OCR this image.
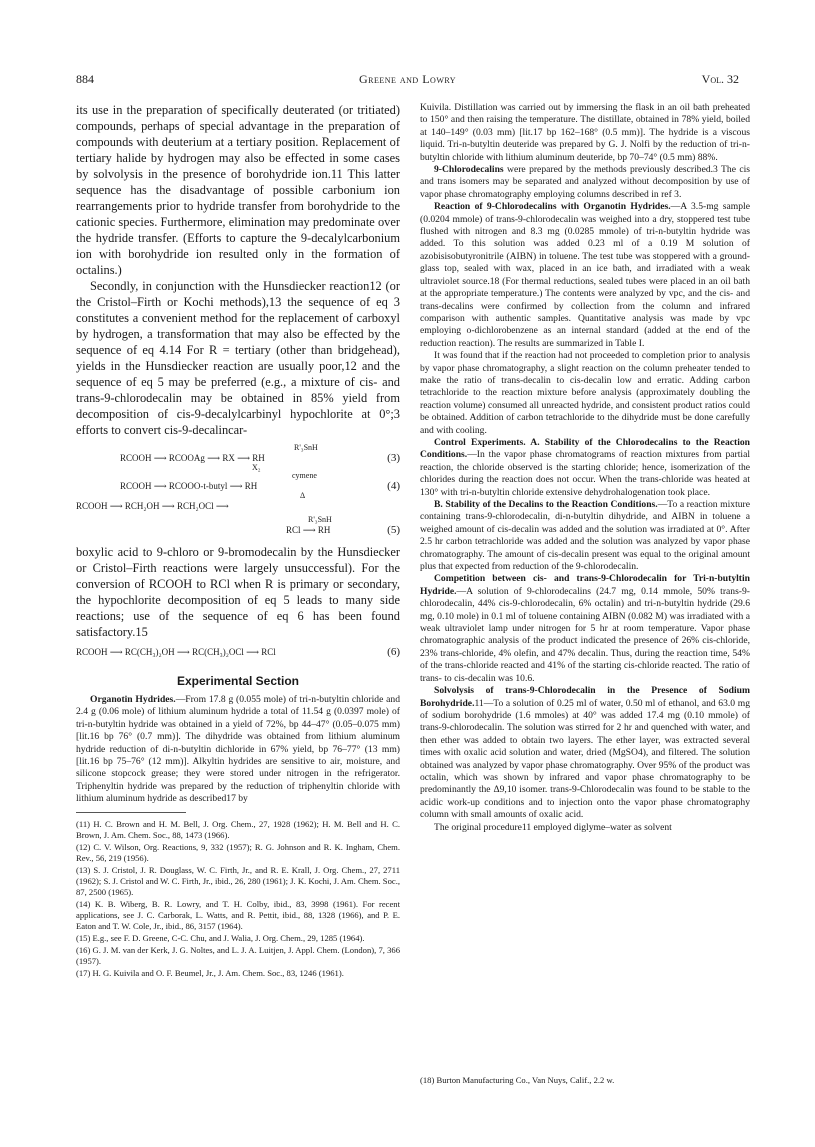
884	Greene and Lowry	Vol. 32

its use in the preparation of specifically deuterated (or tritiated) compounds, perhaps of special advantage in the preparation of compounds with deuterium at a tertiary position. Replacement of tertiary halide by hydrogen may also be effected in some cases by solvolysis in the presence of borohydride ion.11 This latter sequence has the disadvantage of possible carbonium ion rearrangements prior to hydride transfer from borohydride to the cationic species. Furthermore, elimination may predominate over the hydride transfer. (Efforts to capture the 9-decalylcarbonium ion with borohydride ion resulted only in the formation of octalins.)

Secondly, in conjunction with the Hunsdiecker reaction12 (or the Cristol–Firth or Kochi methods),13 the sequence of eq 3 constitutes a convenient method for the replacement of carboxyl by hydrogen, a transformation that may also be effected by the sequence of eq 4.14 For R = tertiary (other than bridgehead), yields in the Hunsdiecker reaction are usually poor,12 and the sequence of eq 5 may be preferred (e.g., a mixture of cis- and trans-9-chlorodecalin may be obtained in 85% yield from decomposition of cis-9-decalylcarbinyl hypochlorite at 0°;3 efforts to convert cis-9-decalincar-

R'₃SnH
RCOOH ⟶ RCOOAg ⟶ RX ⟶ RH
X₂
(3)
cymene
RCOOH ⟶ RCOOO-t-butyl ⟶ RH
Δ
(4)
RCOOH ⟶ RCH₂OH ⟶ RCH₂OCl ⟶
R'₃SnH
RCl ⟶ RH	(5)

boxylic acid to 9-chloro or 9-bromodecalin by the Hunsdiecker or Cristol–Firth reactions were largely unsuccessful). For the conversion of RCOOH to RCl when R is primary or secondary, the hypochlorite decomposition of eq 5 leads to many side reactions; use of the sequence of eq 6 has been found satisfactory.15

RCOOH ⟶ RC(CH₃)₂OH ⟶ RC(CH₃)₂OCl ⟶ RCl	(6)
Experimental Section

Organotin Hydrides.—From 17.8 g (0.055 mole) of tri-n-butyltin chloride and 2.4 g (0.06 mole) of lithium aluminum hydride a total of 11.54 g (0.0397 mole) of tri-n-butyltin hydride was obtained in a yield of 72%, bp 44–47° (0.05–0.075 mm) [lit.16 bp 76° (0.7 mm)]. The dihydride was obtained from lithium aluminum hydride reduction of di-n-butyltin dichloride in 67% yield, bp 76–77° (13 mm) [lit.16 bp 75–76° (12 mm)]. Alkyltin hydrides are sensitive to air, moisture, and silicone stopcock grease; they were stored under nitrogen in the refrigerator. Triphenyltin hydride was prepared by the reduction of triphenyltin chloride with lithium aluminum hydride as described17 by

(11) H. C. Brown and H. M. Bell, J. Org. Chem., 27, 1928 (1962); H. M. Bell and H. C. Brown, J. Am. Chem. Soc., 88, 1473 (1966).

(12) C. V. Wilson, Org. Reactions, 9, 332 (1957); R. G. Johnson and R. K. Ingham, Chem. Rev., 56, 219 (1956).

(13) S. J. Cristol, J. R. Douglass, W. C. Firth, Jr., and R. E. Krall, J. Org. Chem., 27, 2711 (1962); S. J. Cristol and W. C. Firth, Jr., ibid., 26, 280 (1961); J. K. Kochi, J. Am. Chem. Soc., 87, 2500 (1965).

(14) K. B. Wiberg, B. R. Lowry, and T. H. Colby, ibid., 83, 3998 (1961). For recent applications, see J. C. Carborak, L. Watts, and R. Pettit, ibid., 88, 1328 (1966), and P. E. Eaton and T. W. Cole, Jr., ibid., 86, 3157 (1964).

(15) E.g., see F. D. Greene, C-C. Chu, and J. Walia, J. Org. Chem., 29, 1285 (1964).

(16) G. J. M. van der Kerk, J. G. Noltes, and L. J. A. Luitjen, J. Appl. Chem. (London), 7, 366 (1957).

(17) H. G. Kuivila and O. F. Beumel, Jr., J. Am. Chem. Soc., 83, 1246 (1961).

Kuivila. Distillation was carried out by immersing the flask in an oil bath preheated to 150° and then raising the temperature. The distillate, obtained in 78% yield, boiled at 140–149° (0.03 mm) [lit.17 bp 162–168° (0.5 mm)]. The hydride is a viscous liquid. Tri-n-butyltin deuteride was prepared by G. J. Nolfi by the reduction of tri-n-butyltin chloride with lithium aluminum deuteride, bp 70–74° (0.5 mm) 88%.

9-Chlorodecalins were prepared by the methods previously described.3 The cis and trans isomers may be separated and analyzed without decomposition by use of vapor phase chromatography employing columns described in ref 3.

Reaction of 9-Chlorodecalins with Organotin Hydrides.—A 3.5-mg sample (0.0204 mmole) of trans-9-chlorodecalin was weighed into a dry, stoppered test tube flushed with nitrogen and 8.3 mg (0.0285 mmole) of tri-n-butyltin hydride was added. To this solution was added 0.23 ml of a 0.19 M solution of azobisisobutyronitrile (AIBN) in toluene. The test tube was stoppered with a ground-glass top, sealed with wax, placed in an ice bath, and irradiated with a weak ultraviolet source.18 (For thermal reductions, sealed tubes were placed in an oil bath at the appropriate temperature.) The contents were analyzed by vpc, and the cis- and trans-decalins were confirmed by collection from the column and infrared comparison with authentic samples. Quantitative analysis was made by vpc employing o-dichlorobenzene as an internal standard (added at the end of the reduction reaction). The results are summarized in Table I.

It was found that if the reaction had not proceeded to completion prior to analysis by vapor phase chromatography, a slight reaction on the column preheater tended to make the ratio of trans-decalin to cis-decalin low and erratic. Adding carbon tetrachloride to the reaction mixture before analysis (approximately doubling the reaction volume) consumed all unreacted hydride, and consistent product ratios could be obtained. Addition of carbon tetrachloride to the dihydride must be done carefully and with cooling.

Control Experiments. A. Stability of the Chlorodecalins to the Reaction Conditions.—In the vapor phase chromatograms of reaction mixtures from partial reaction, the chloride observed is the starting chloride; hence, isomerization of the chlorides during the reaction does not occur. When the trans-chloride was heated at 130° with tri-n-butyltin chloride extensive dehydrohalogenation took place.

B. Stability of the Decalins to the Reaction Conditions.—To a reaction mixture containing trans-9-chlorodecalin, di-n-butyltin dihydride, and AIBN in toluene a weighed amount of cis-decalin was added and the solution was irradiated at 0°. After 2.5 hr carbon tetrachloride was added and the solution was analyzed by vapor phase chromatography. The amount of cis-decalin present was equal to the original amount plus that expected from reduction of the 9-chlorodecalin.

Competition between cis- and trans-9-Chlorodecalin for Tri-n-butyltin Hydride.—A solution of 9-chlorodecalins (24.7 mg, 0.14 mmole, 50% trans-9-chlorodecalin, 44% cis-9-chlorodecalin, 6% octalin) and tri-n-butyltin hydride (29.6 mg, 0.10 mole) in 0.1 ml of toluene containing AIBN (0.082 M) was irradiated with a weak ultraviolet lamp under nitrogen for 5 hr at room temperature. Vapor phase chromatographic analysis of the product indicated the presence of 26% cis-chloride, 23% trans-chloride, 4% olefin, and 47% decalin. Thus, during the reaction time, 54% of the trans-chloride reacted and 41% of the starting cis-chloride reacted. The ratio of trans- to cis-decalin was 10.6.

Solvolysis of trans-9-Chlorodecalin in the Presence of Sodium Borohydride.11—To a solution of 0.25 ml of water, 0.50 ml of ethanol, and 63.0 mg of sodium borohydride (1.6 mmoles) at 40° was added 17.4 mg (0.10 mmole) of trans-9-chlorodecalin. The solution was stirred for 2 hr and quenched with water, and then ether was added to obtain two layers. The ether layer, was extracted several times with oxalic acid solution and water, dried (MgSO4), and filtered. The solution obtained was analyzed by vapor phase chromatography. Over 95% of the product was octalin, which was shown by infrared and vapor phase chromatography to be predominantly the Δ9,10 isomer. trans-9-Chlorodecalin was found to be stable to the acidic work-up conditions and to injection onto the vapor phase chromatography column with small amounts of oxalic acid.

The original procedure11 employed diglyme–water as solvent

(18) Burton Manufacturing Co., Van Nuys, Calif., 2.2 w.
